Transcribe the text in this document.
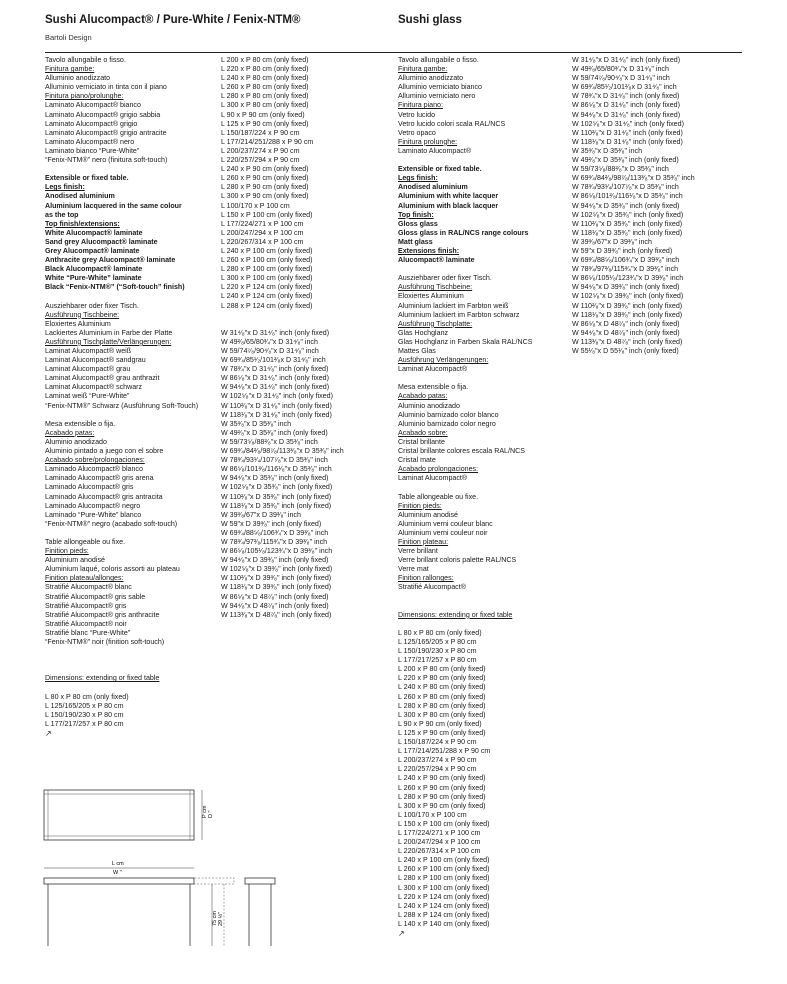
Sushi Alucompact® / Pure-White / Fenix-NTM®
Bartoli Design
Sushi glass
Tavolo allungabile o fisso.
Finitura gambe:
Alluminio anodizzato
Alluminio verniciato in tinta con il piano
Finitura piano/prolunghe:
Laminato Alucompact® bianco
Laminato Alucompact® grigio sabbia
Laminato Alucompact® grigio
Laminato Alucompact® grigio antracite
Laminato Alucompact® nero
Laminato bianco “Pure-White”
“Fenix-NTM®” nero (finitura soft-touch)
Extensible or fixed table.
Legs finish:
Anodised aluminium
Aluminium lacquered in the same colour
as the top
Top finish/extensions:
White Alucompact® laminate
Sand grey Alucompact® laminate
Grey Alucompact® laminate
Anthracite grey Alucompact® laminate
Black Alucompact® laminate
White “Pure-White” laminate
Black “Fenix-NTM®” (“Soft-touch” finish)
Ausziehbarer oder fixer Tisch.
Ausführung Tischbeine:
Eloxiertes Aluminium
Lackiertes Aluminium in Farbe der Platte
Ausführung Tischplatte/Verlängerungen:
Laminat Alucompact® weiß
Laminat Alucompact® sandgrau
Laminat Alucompact® grau
Laminat Alucompact® grau anthrazit
Laminat Alucompact® schwarz
Laminat weiß “Pure-White”
“Fenix-NTM®” Schwarz (Ausführung Soft-Touch)
Mesa extensible o fija.
Acabado patas:
Aluminio anodizado
Aluminio pintado a juego con el sobre
Acabado sobre/prolongaciones:
Laminado Alucompact® blanco
Laminado Alucompact® gris arena
Laminado Alucompact® gris
Laminado Alucompact® gris antracita
Laminado Alucompact® negro
Laminado “Pure-White” blanco
“Fenix-NTM®” negro (acabado soft-touch)
Table allongeable ou fixe.
Finition pieds:
Aluminium anodisé
Aluminium laqué, coloris assorti au plateau
Finition plateau/allonges:
Stratifié Alucompact® blanc
Stratifié Alucompact® gris sable
Stratifié Alucompact® gris
Stratifié Alucompact® gris anthracite
Stratifié Alucompact® noir
Stratifié blanc “Pure-White”
“Fenix-NTM®” noir (finition soft-touch)
Dimensions: extending or fixed table
L 80 x P 80 cm (only fixed)
L 125/165/205 x P 80 cm
L 150/190/230 x P 80 cm
L 177/217/257 x P 80 cm
↗
L 200 x P 80 cm (only fixed)
L 220 x P 80 cm (only fixed)
L 240 x P 80 cm (only fixed)
L 260 x P 80 cm (only fixed)
L 280 x P 80 cm (only fixed)
L 300 x P 80 cm (only fixed)
L 90 x P 90 cm (only fixed)
L 125 x P 90 cm (only fixed)
L 150/187/224 x P 90 cm
L 177/214/251/288 x P 90 cm
L 200/237/274 x P 90 cm
L 220/257/294 x P 90 cm
L 240 x P 90 cm (only fixed)
L 260 x P 90 cm (only fixed)
L 280 x P 90 cm (only fixed)
L 300 x P 90 cm (only fixed)
L 100/170 x P 100 cm
L 150 x P 100 cm (only fixed)
L 177/224/271 x P 100 cm
L 200/247/294 x P 100 cm
L 220/267/314 x P 100 cm
L 240 x P 100 cm (only fixed)
L 260 x P 100 cm (only fixed)
L 280 x P 100 cm (only fixed)
L 300 x P 100 cm (only fixed)
L 220 x P 124 cm (only fixed)
L 240 x P 124 cm (only fixed)
L 288 x P 124 cm (only fixed)
W 31⁴⁄₈"x D 31⁴⁄₈" inch (only fixed)
W 49²⁄₈/65/80³⁄₄"x D 31⁴⁄₈" inch
W 59/74⁷⁄₈/90⁴⁄₈"x D 31⁴⁄₈" inch
W 69³⁄₄/85¹⁄₂/101²⁄₈x D 31⁴⁄₈" inch
W 78³⁄₄"x D 31⁴⁄₈" inch (only fixed)
W 86⁵⁄₈"x D 31⁴⁄₈" inch (only fixed)
W 94⁴⁄₈"x D 31⁴⁄₈" inch (only fixed)
W 102⁵⁄₈"x D 31⁴⁄₈" inch (only fixed)
W 110²⁄₈"x D 31⁴⁄₈" inch (only fixed)
W 118¹⁄₈"x D 31⁴⁄₈" inch (only fixed)
W 35³⁄₈"x D 35³⁄₈" inch
W 49²⁄₈"x D 35³⁄₈" inch (only fixed)
W 59/73⁵⁄₈/88²⁄₈"x D 35³⁄₈" inch
W 69³⁄₄/84²⁄₈/98⁷⁄₈/113³⁄₈"x D 35³⁄₈" inch
W 78³⁄₄/93¹⁄₄/107⁷⁄₈"x D 35³⁄₈" inch
W 86⁵⁄₈/101²⁄₈/116¹⁄₈"x D 35³⁄₈" inch
W 94⁴⁄₈"x D 35³⁄₈" inch (only fixed)
W 102⁵⁄₈"x D 35³⁄₈" inch (only fixed)
W 110²⁄₈"x D 35³⁄₈" inch (only fixed)
W 118¹⁄₈"x D 35³⁄₈" inch (only fixed)
W 39³⁄₈/67"x D 39³⁄₈" inch
W 59"x D 39³⁄₈" inch (only fixed)
W 69³⁄₄/88⁵⁄₈/106³⁄₄"x D 39³⁄₈" inch
W 78³⁄₄/97²⁄₈/115³⁄₄"x D 39³⁄₈" inch
W 86⁵⁄₈/105¹⁄₈/123³⁄₄"x D 39³⁄₈" inch
W 94⁴⁄₈"x D 39³⁄₈" inch (only fixed)
W 102⁵⁄₈"x D 39³⁄₈" inch (only fixed)
W 110²⁄₈"x D 39³⁄₈" inch (only fixed)
W 118¹⁄₈"x D 39³⁄₈" inch (only fixed)
W 86⁵⁄₈"x D 48⁷⁄₈" inch (only fixed)
W 94⁴⁄₈"x D 48⁷⁄₈" inch (only fixed)
W 113³⁄₈"x D 48⁷⁄₈" inch (only fixed)
Tavolo allungabile o fisso.
Finitura gambe:
Alluminio anodizzato
Alluminio verniciato bianco
Alluminio verniciato nero
Finitura piano:
Vetro lucido
Vetro lucido colori scala RAL/NCS
Vetro opaco
Finitura prolunghe:
Laminato Alucompact®
Extensible or fixed table.
Legs finish:
Anodised aluminium
Aluminium with white lacquer
Aluminium with black lacquer
Top finish:
Gloss glass
Gloss glass in RAL/NCS range colours
Matt glass
Extensions finish:
Alucompact® laminate
Ausziehbarer oder fixer Tisch.
Ausführung Tischbeine:
Eloxiertes Aluminium
Aluminium lackiert im Farbton weiß
Aluminium lackiert im Farbton schwarz
Ausführung Tischplatte:
Glas Hochglanz
Glas Hochglanz in Farben Skala RAL/NCS
Mattes Glas
Ausführung Verlängerungen:
Laminat Alucompact®
Mesa extensible o fija.
Acabado patas:
Aluminio anodizado
Aluminio barnizado color blanco
Aluminio barnizado color negro
Acabado sobre:
Cristal brillante
Cristal brillante colores escala RAL/NCS
Cristal mate
Acabado prolongaciones:
Laminat Alucompact®
Table allongeable ou fixe.
Finition pieds:
Aluminium anodisé
Aluminium verni couleur blanc
Aluminium verni couleur noir
Finition plateau:
Verre brillant
Verre brillant coloris palette RAL/NCS
Verre mat
Finition rallonges:
Stratifié Alucompact®
Dimensions: extending or fixed table
L 80 x P 80 cm (only fixed)
L 125/165/205 x P 80 cm
L 150/190/230 x P 80 cm
L 177/217/257 x P 80 cm
L 200 x P 80 cm (only fixed)
L 220 x P 80 cm (only fixed)
L 240 x P 80 cm (only fixed)
L 260 x P 80 cm (only fixed)
L 280 x P 80 cm (only fixed)
L 300 x P 80 cm (only fixed)
L 90 x P 90 cm (only fixed)
L 125 x P 90 cm (only fixed)
L 150/187/224 x P 90 cm
L 177/214/251/288 x P 90 cm
L 200/237/274 x P 90 cm
L 220/257/294 x P 90 cm
L 240 x P 90 cm (only fixed)
L 260 x P 90 cm (only fixed)
L 280 x P 90 cm (only fixed)
L 300 x P 90 cm (only fixed)
L 100/170 x P 100 cm
L 150 x P 100 cm (only fixed)
L 177/224/271 x P 100 cm
L 200/247/294 x P 100 cm
L 220/267/314 x P 100 cm
L 240 x P 100 cm (only fixed)
L 260 x P 100 cm (only fixed)
L 280 x P 100 cm (only fixed)
L 300 x P 100 cm (only fixed)
L 220 x P 124 cm (only fixed)
L 240 x P 124 cm (only fixed)
L 288 x P 124 cm (only fixed)
L 140 x P 140 cm (only fixed)
↗
W 31⁴⁄₈"x D 31⁴⁄₈" inch (only fixed)
W 49²⁄₈/65/80³⁄₄"x D 31⁴⁄₈" inch
W 59/74⁷⁄₈/90⁴⁄₈"x D 31⁴⁄₈" inch
W 69³⁄₄/85¹⁄₂/101²⁄₈x D 31⁴⁄₈" inch
W 78³⁄₄"x D 31⁴⁄₈" inch (only fixed)
W 86⁵⁄₈"x D 31⁴⁄₈" inch (only fixed)
W 94⁴⁄₈"x D 31⁴⁄₈" inch (only fixed)
W 102⁵⁄₈"x D 31⁴⁄₈" inch (only fixed)
W 110²⁄₈"x D 31⁴⁄₈" inch (only fixed)
W 118¹⁄₈"x D 31⁴⁄₈" inch (only fixed)
W 35³⁄₈"x D 35³⁄₈" inch
W 49²⁄₈"x D 35³⁄₈" inch (only fixed)
W 59/73⁵⁄₈/88²⁄₈"x D 35³⁄₈" inch
W 69³⁄₄/84²⁄₈/98⁷⁄₈/113³⁄₈"x D 35³⁄₈" inch
W 78³⁄₄/93¹⁄₄/107⁷⁄₈"x D 35³⁄₈" inch
W 86⁵⁄₈/101²⁄₈/116¹⁄₈"x D 35³⁄₈" inch
W 94⁴⁄₈"x D 35³⁄₈" inch (only fixed)
W 102⁵⁄₈"x D 35³⁄₈" inch (only fixed)
W 110²⁄₈"x D 35³⁄₈" inch (only fixed)
W 118¹⁄₈"x D 35³⁄₈" inch (only fixed)
W 39³⁄₈/67"x D 39³⁄₈" inch
W 59"x D 39³⁄₈" inch (only fixed)
W 69³⁄₄/88⁵⁄₈/106³⁄₄"x D 39³⁄₈" inch
W 78³⁄₄/97²⁄₈/115³⁄₄"x D 39³⁄₈" inch
W 86⁵⁄₈/105¹⁄₈/123³⁄₄"x D 39³⁄₈" inch
W 94⁴⁄₈"x D 39³⁄₈" inch (only fixed)
W 102⁵⁄₈"x D 39³⁄₈" inch (only fixed)
W 110²⁄₈"x D 39³⁄₈" inch (only fixed)
W 118¹⁄₈"x D 39³⁄₈" inch (only fixed)
W 86⁵⁄₈"x D 48⁷⁄₈" inch (only fixed)
W 94⁴⁄₈"x D 48⁷⁄₈" inch (only fixed)
W 113³⁄₈"x D 48⁷⁄₈" inch (only fixed)
W 55¹⁄₈"x D 55¹⁄₈" inch (only fixed)
P cm D "
L cm
W "
75 cm 29 ½"
